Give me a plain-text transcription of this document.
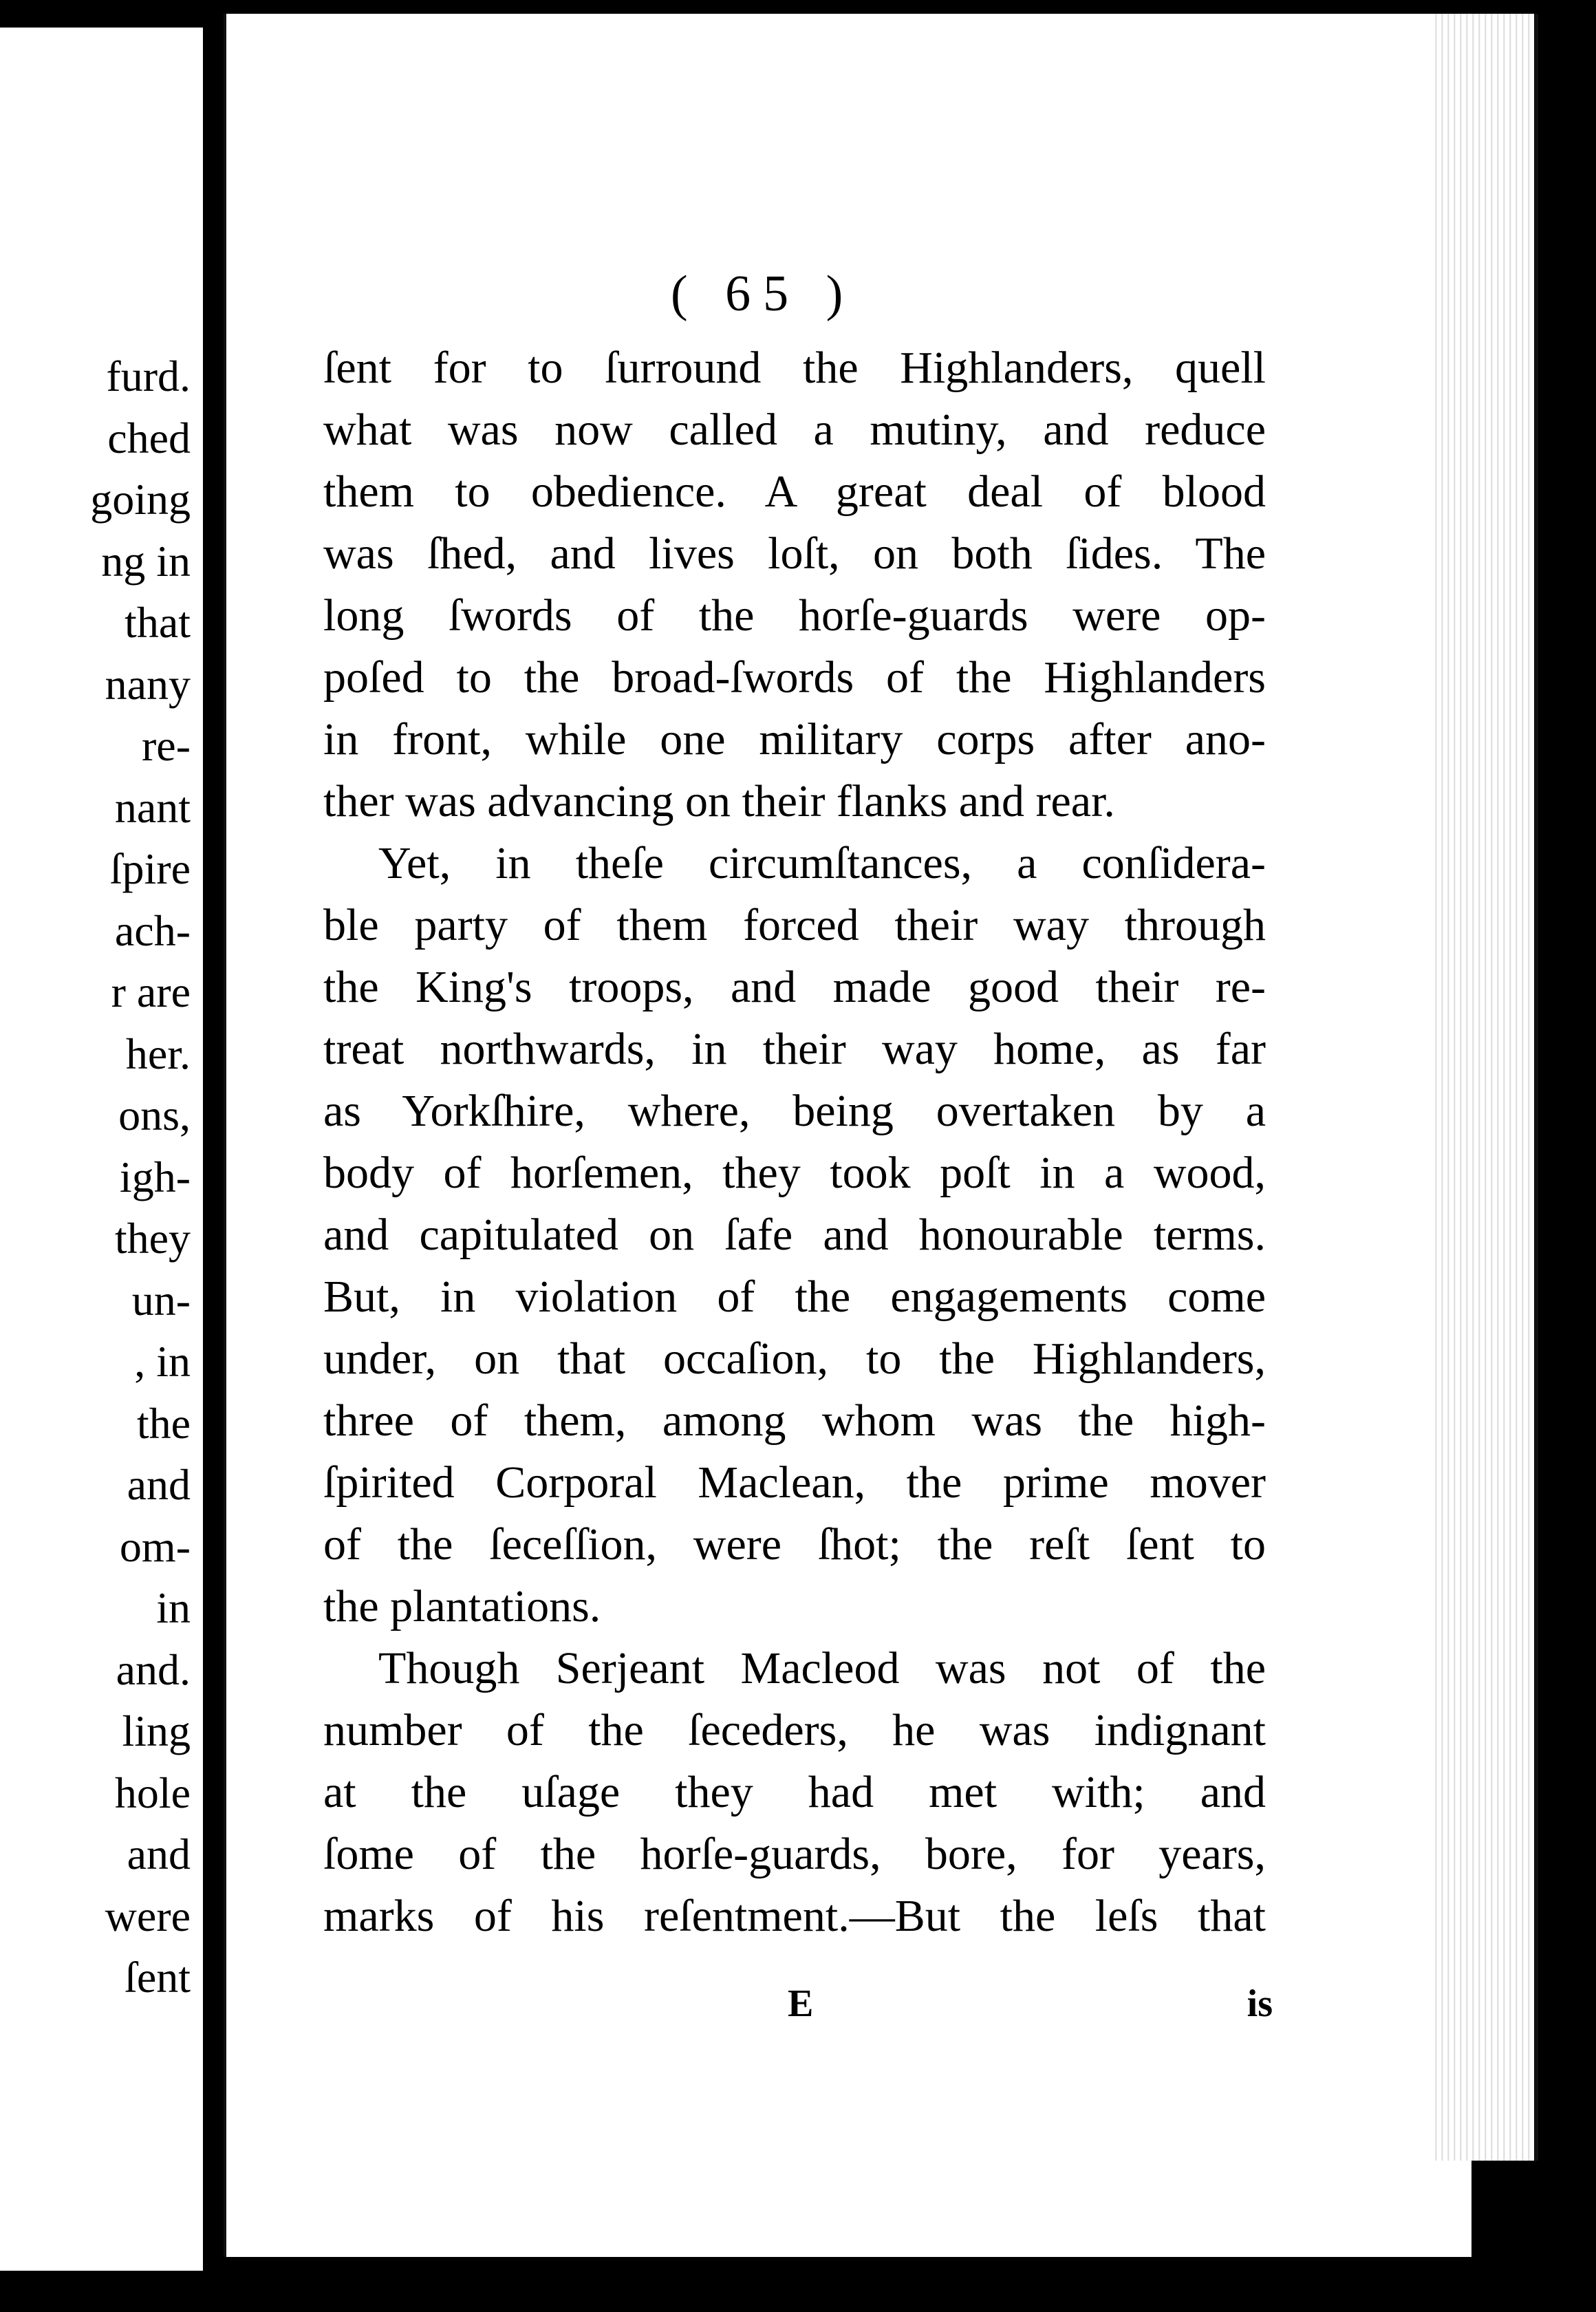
furd.
ched
going
ng in
that
nany
re-
nant
ſpire
ach-
r are
her.
ons,
igh-
they
un-
, in
the
and
om-
in
and.
ling
hole
and
were
ſent
( 65 )
ſent for to ſurround the Highlanders, quell
what was now called a mutiny, and reduce
them to obedience. A great deal of blood
was ſhed, and lives loſt, on both ſides. The
long ſwords of the horſe-guards were op-
poſed to the broad-ſwords of the Highlanders
in front, while one military corps after ano-
ther was advancing on their flanks and rear.
Yet, in theſe circumſtances, a conſidera-
ble party of them forced their way through
the King's troops, and made good their re-
treat northwards, in their way home, as far
as Yorkſhire, where, being overtaken by a
body of horſemen, they took poſt in a wood,
and capitulated on ſafe and honourable terms.
But, in violation of the engagements come
under, on that occaſion, to the Highlanders,
three of them, among whom was the high-
ſpirited Corporal Maclean, the prime mover
of the ſeceſſion, were ſhot; the reſt ſent to
the plantations.
Though Serjeant Macleod was not of the
number of the ſeceders, he was indignant
at the uſage they had met with; and
ſome of the horſe-guards, bore, for years,
marks of his reſentment.—But the leſs that
E	is
